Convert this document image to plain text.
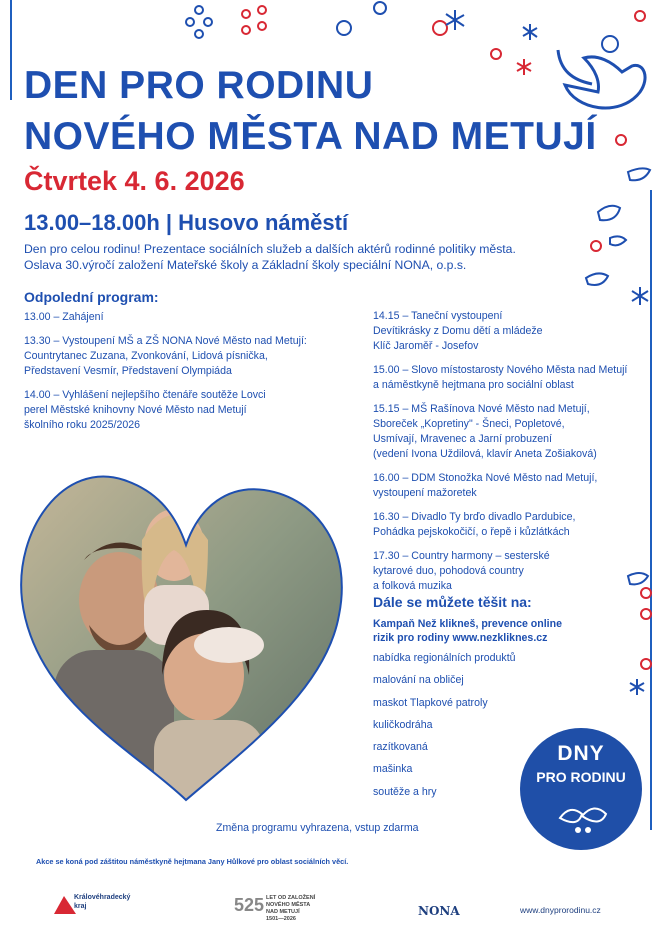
DEN PRO RODINU
NOVÉHO MĚSTA NAD METUJÍ
Čtvrtek 4. 6. 2026
13.00–18.00h | Husovo náměstí
Den pro celou rodinu! Prezentace sociálních služeb a dalších aktérů rodinné politiky města.
Oslava 30.výročí založení Mateřské školy a Základní školy speciální NONA, o.p.s.
Odpolední program:
13.00 – Zahájení
13.30 – Vystoupení MŠ a ZŠ NONA Nové Město nad Metují:
Countrytanec Zuzana, Zvonkování, Lidová písnička,
Představení Vesmír, Představení Olympiáda
14.00 – Vyhlášení nejlepšího čtenáře soutěže Lovci
perel Městské knihovny Nové Město nad Metují
školního roku 2025/2026
14.15 – Taneční vystoupení
Devítikrásky z Domu dětí a mládeže
Klíč Jaroměř - Josefov
15.00 – Slovo místostarosty Nového Města nad Metují
a náměstkyně hejtmana pro sociální oblast
15.15 – MŠ Rašínova Nové Město nad Metují,
Sboreček „Kopretiny" - Šneci, Popletové,
Usmívají, Mravenec a Jarní probuzení
(vedení Ivona Uždilová, klavír Aneta Zošiaková)
16.00 – DDM Stonožka Nové Město nad Metují,
vystoupení mažoretek
16.30 – Divadlo Ty brďo divadlo Pardubice,
Pohádka pejskokočičí, o řepě i kůzlátkách
17.30 – Country harmony – sesterské
kytarové duo, pohodová country
a folková muzika
Dále se můžete těšit na:
Kampaň Než klikneš, prevence online
rizik pro rodiny www.nezkliknes.cz
nabídka regionálních produktů
malování na obličej
maskot Tlapkové patroly
kuličkodráha
razítkovaná
mašinka
soutěže a hry
DNY
PRO RODINU
Změna programu vyhrazena, vstup zdarma
Akce se koná pod záštitou náměstkyně hejtmana Jany Hůlkové pro oblast sociálních věcí.
Královéhradecký
kraj	525 LET OD ZALOŽENÍ
NOVÉHO MĚSTA
NAD METUJÍ
1501—2026
NONA	www.dnyprorodinu.cz
